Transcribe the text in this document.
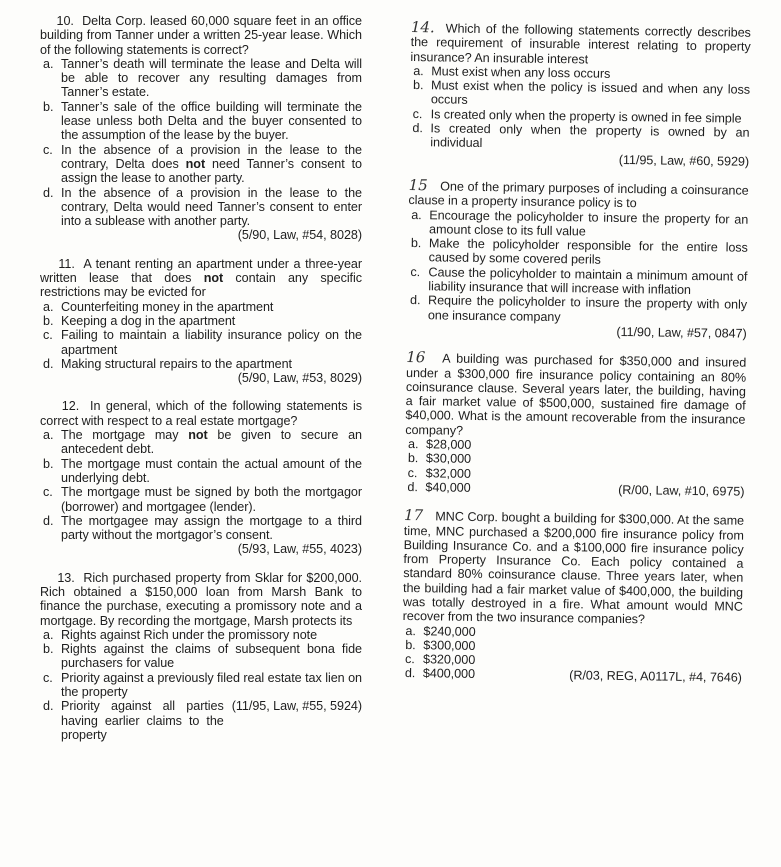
10. Delta Corp. leased 60,000 square feet in an office building from Tanner under a written 25-year lease. Which of the following statements is correct?
a. Tanner’s death will terminate the lease and Delta will be able to recover any resulting damages from Tanner’s estate.
b. Tanner’s sale of the office building will terminate the lease unless both Delta and the buyer consented to the assumption of the lease by the buyer.
c. In the absence of a provision in the lease to the contrary, Delta does not need Tanner’s consent to assign the lease to another party.
d. In the absence of a provision in the lease to the contrary, Delta would need Tanner’s consent to enter into a sublease with another party.
(5/90, Law, #54, 8028)
11. A tenant renting an apartment under a three-year written lease that does not contain any specific restrictions may be evicted for
a. Counterfeiting money in the apartment
b. Keeping a dog in the apartment
c. Failing to maintain a liability insurance policy on the apartment
d. Making structural repairs to the apartment
(5/90, Law, #53, 8029)
12. In general, which of the following statements is correct with respect to a real estate mortgage?
a. The mortgage may not be given to secure an antecedent debt.
b. The mortgage must contain the actual amount of the underlying debt.
c. The mortgage must be signed by both the mortgagor (borrower) and mortgagee (lender).
d. The mortgagee may assign the mortgage to a third party without the mortgagor’s consent.
(5/93, Law, #55, 4023)
13. Rich purchased property from Sklar for $200,000. Rich obtained a $150,000 loan from Marsh Bank to finance the purchase, executing a promissory note and a mortgage. By recording the mortgage, Marsh protects its
a. Rights against Rich under the promissory note
b. Rights against the claims of subsequent bona fide purchasers for value
c. Priority against a previously filed real estate tax lien on the property
d. Priority against all parties having earlier claims to the property
(11/95, Law, #55, 5924)
14. Which of the following statements correctly describes the requirement of insurable interest relating to property insurance? An insurable interest
a. Must exist when any loss occurs
b. Must exist when the policy is issued and when any loss occurs
c. Is created only when the property is owned in fee simple
d. Is created only when the property is owned by an individual
(11/95, Law, #60, 5929)
15 One of the primary purposes of including a coinsurance clause in a property insurance policy is to
a. Encourage the policyholder to insure the property for an amount close to its full value
b. Make the policyholder responsible for the entire loss caused by some covered perils
c. Cause the policyholder to maintain a minimum amount of liability insurance that will increase with inflation
d. Require the policyholder to insure the property with only one insurance company
(11/90, Law, #57, 0847)
16 A building was purchased for $350,000 and insured under a $300,000 fire insurance policy containing an 80% coinsurance clause. Several years later, the building, having a fair market value of $500,000, sustained fire damage of $40,000. What is the amount recoverable from the insurance company?
a. $28,000
b. $30,000
c. $32,000
d. $40,000	(R/00, Law, #10, 6975)
17 MNC Corp. bought a building for $300,000. At the same time, MNC purchased a $200,000 fire insurance policy from Building Insurance Co. and a $100,000 fire insurance policy from Property Insurance Co. Each policy contained a standard 80% coinsurance clause. Three years later, when the building had a fair market value of $400,000, the building was totally destroyed in a fire. What amount would MNC recover from the two insurance companies?
a. $240,000
b. $300,000
c. $320,000
d. $400,000	(R/03, REG, A0117L, #4, 7646)
